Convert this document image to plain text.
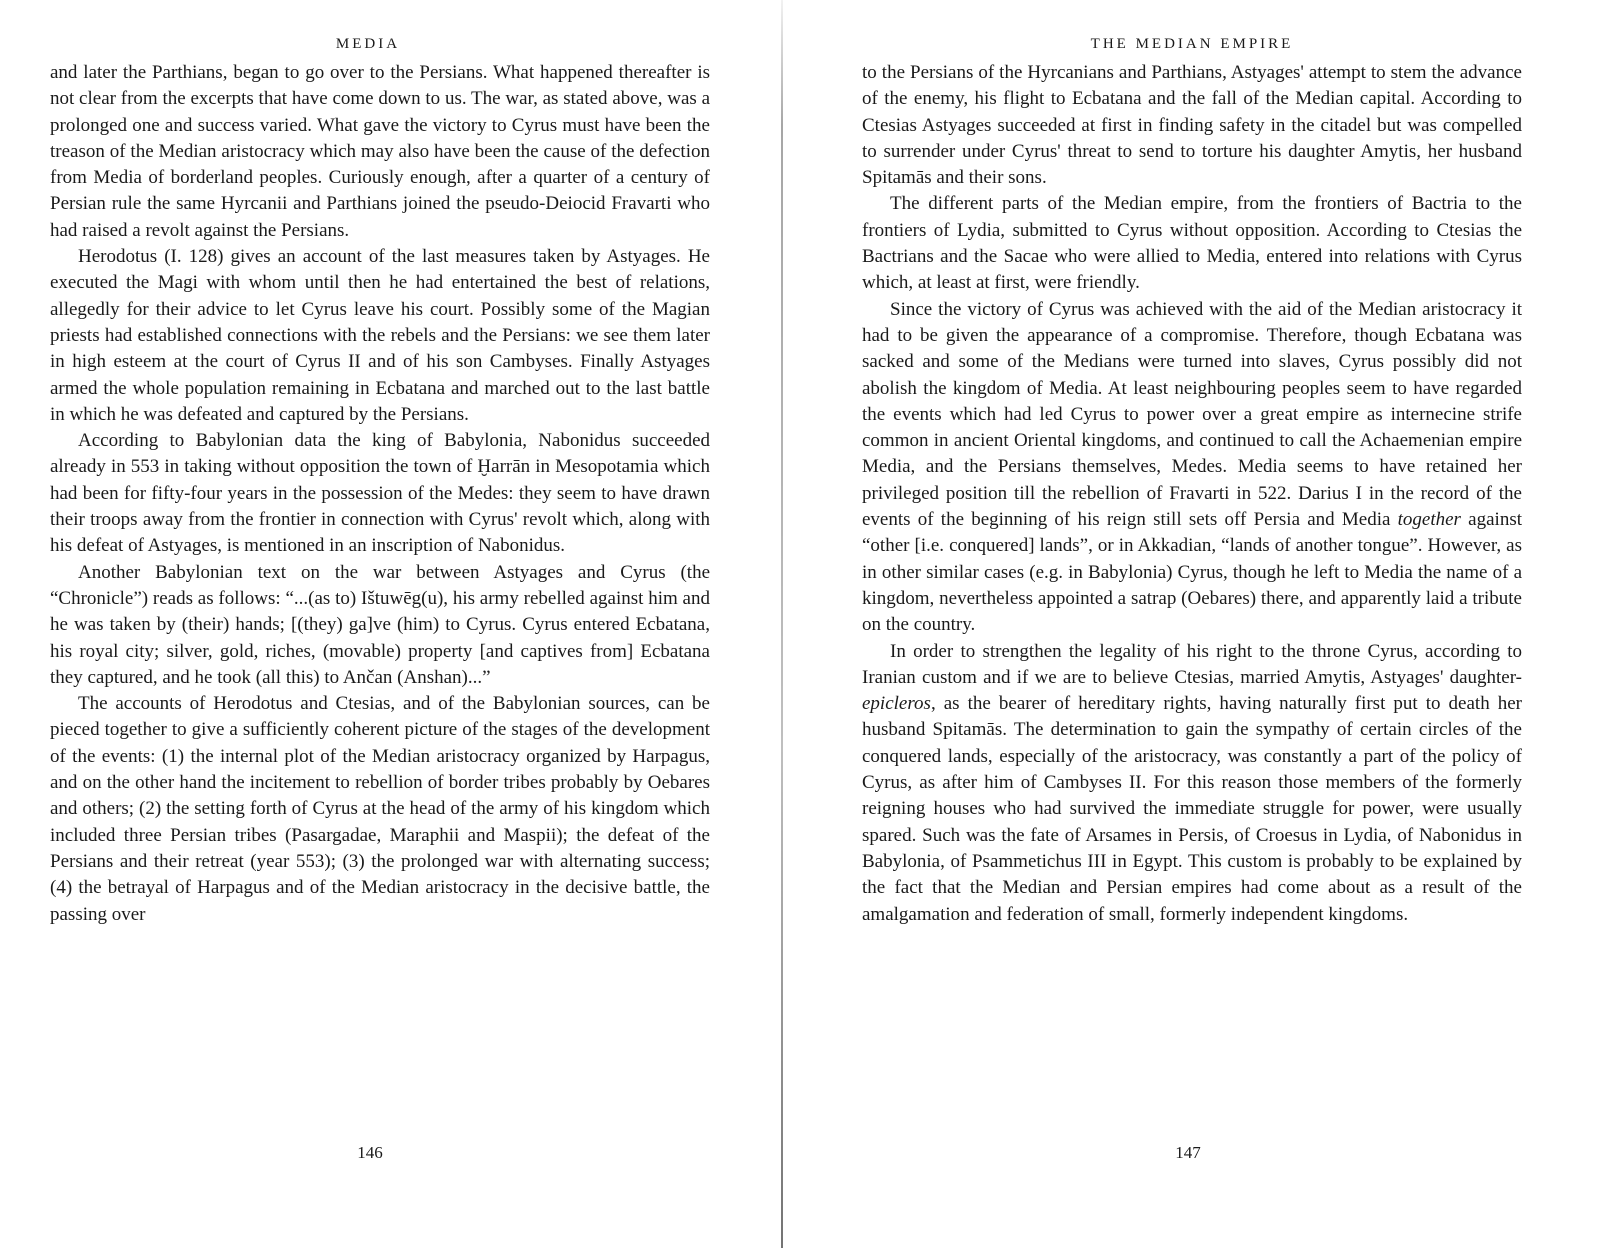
MEDIA

and later the Parthians, began to go over to the Persians. What happened thereafter is not clear from the excerpts that have come down to us. The war, as stated above, was a prolonged one and success varied. What gave the victory to Cyrus must have been the treason of the Median aristocracy which may also have been the cause of the defection from Media of borderland peoples. Curiously enough, after a quarter of a century of Persian rule the same Hyrcanii and Parthians joined the pseudo-Deiocid Fravarti who had raised a revolt against the Persians.

Herodotus (I. 128) gives an account of the last measures taken by Astyages. He executed the Magi with whom until then he had entertained the best of relations, allegedly for their advice to let Cyrus leave his court. Possibly some of the Magian priests had established connections with the rebels and the Persians: we see them later in high esteem at the court of Cyrus II and of his son Cambyses. Finally Astyages armed the whole population remaining in Ecbatana and marched out to the last battle in which he was defeated and captured by the Persians.

According to Babylonian data the king of Babylonia, Nabonidus succeeded already in 553 in taking without opposition the town of Ḫarrān in Mesopotamia which had been for fifty-four years in the possession of the Medes: they seem to have drawn their troops away from the frontier in connection with Cyrus' revolt which, along with his defeat of Astyages, is mentioned in an inscription of Nabonidus.

Another Babylonian text on the war between Astyages and Cyrus (the “Chronicle”) reads as follows: “...(as to) Ištuwēg(u), his army rebelled against him and he was taken by (their) hands; [(they) ga]ve (him) to Cyrus. Cyrus entered Ecbatana, his royal city; silver, gold, riches, (movable) property [and captives from] Ecbatana they captured, and he took (all this) to Ančan (Anshan)...”

The accounts of Herodotus and Ctesias, and of the Babylonian sources, can be pieced together to give a sufficiently coherent picture of the stages of the development of the events: (1) the internal plot of the Median aristocracy organized by Harpagus, and on the other hand the incitement to rebellion of border tribes probably by Oebares and others; (2) the setting forth of Cyrus at the head of the army of his kingdom which included three Persian tribes (Pasargadae, Maraphii and Maspii); the defeat of the Persians and their retreat (year 553); (3) the prolonged war with alternating success; (4) the betrayal of Harpagus and of the Median aristocracy in the decisive battle, the passing over

146
THE MEDIAN EMPIRE

to the Persians of the Hyrcanians and Parthians, Astyages' attempt to stem the advance of the enemy, his flight to Ecbatana and the fall of the Median capital. According to Ctesias Astyages succeeded at first in finding safety in the citadel but was compelled to surrender under Cyrus' threat to send to torture his daughter Amytis, her husband Spitamās and their sons.

The different parts of the Median empire, from the frontiers of Bactria to the frontiers of Lydia, submitted to Cyrus without opposition. According to Ctesias the Bactrians and the Sacae who were allied to Media, entered into relations with Cyrus which, at least at first, were friendly.

Since the victory of Cyrus was achieved with the aid of the Median aristocracy it had to be given the appearance of a compromise. Therefore, though Ecbatana was sacked and some of the Medians were turned into slaves, Cyrus possibly did not abolish the kingdom of Media. At least neighbouring peoples seem to have regarded the events which had led Cyrus to power over a great empire as internecine strife common in ancient Oriental kingdoms, and continued to call the Achaemenian empire Media, and the Persians themselves, Medes. Media seems to have retained her privileged position till the rebellion of Fravarti in 522. Darius I in the record of the events of the beginning of his reign still sets off Persia and Media together against “other [i.e. conquered] lands”, or in Akkadian, “lands of another tongue”. However, as in other similar cases (e.g. in Babylonia) Cyrus, though he left to Media the name of a kingdom, nevertheless appointed a satrap (Oebares) there, and apparently laid a tribute on the country.

In order to strengthen the legality of his right to the throne Cyrus, according to Iranian custom and if we are to believe Ctesias, married Amytis, Astyages' daughter-epicleros, as the bearer of hereditary rights, having naturally first put to death her husband Spitamās. The determination to gain the sympathy of certain circles of the conquered lands, especially of the aristocracy, was constantly a part of the policy of Cyrus, as after him of Cambyses II. For this reason those members of the formerly reigning houses who had survived the immediate struggle for power, were usually spared. Such was the fate of Arsames in Persis, of Croesus in Lydia, of Nabonidus in Babylonia, of Psammetichus III in Egypt. This custom is probably to be explained by the fact that the Median and Persian empires had come about as a result of the amalgamation and federation of small, formerly independent kingdoms.

147
